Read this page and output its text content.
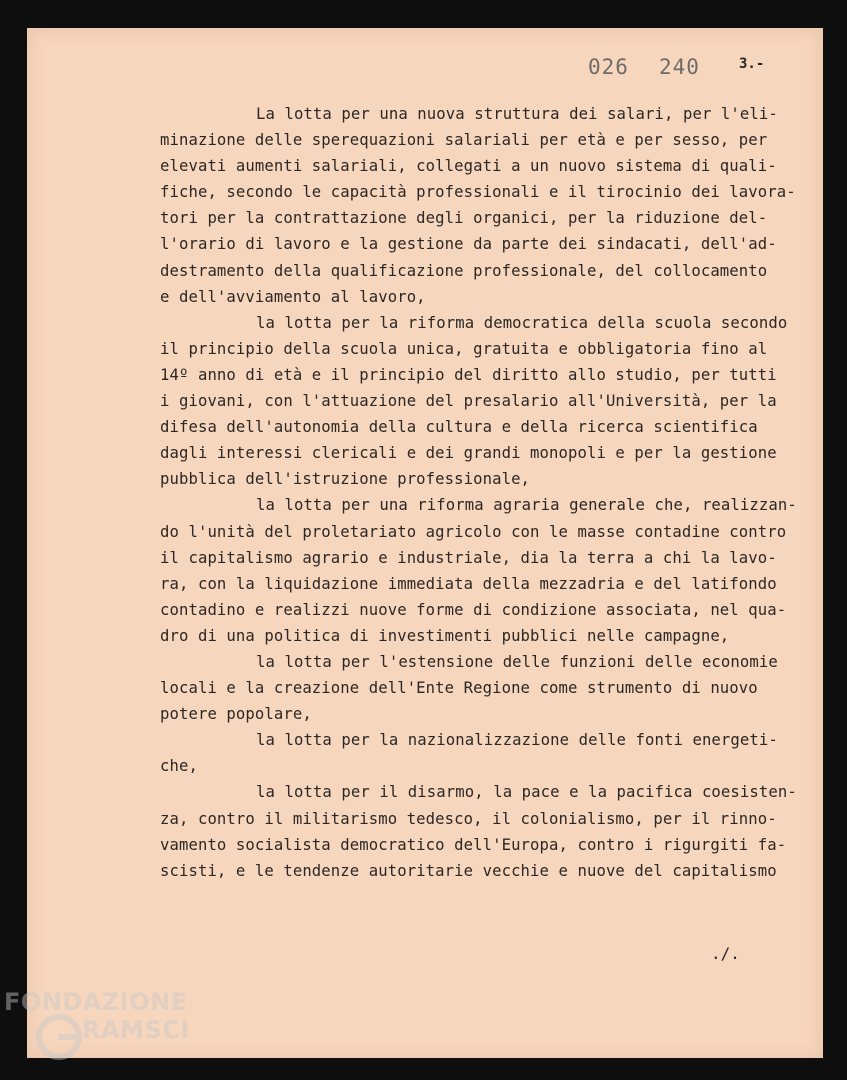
026 240	3.-
La lotta per una nuova struttura dei salari, per l'eli-
minazione delle sperequazioni salariali per età e per sesso, per
elevati aumenti salariali, collegati a un nuovo sistema di quali-
fiche, secondo le capacità professionali e il tirocinio dei lavora-
tori per la contrattazione degli organici, per la riduzione del-
l'orario di lavoro e la gestione da parte dei sindacati, dell'ad-
destramento della qualificazione professionale, del collocamento
e dell'avviamento al lavoro,
la lotta per la riforma democratica della scuola secondo
il principio della scuola unica, gratuita e obbligatoria fino al
14º anno di età e il principio del diritto allo studio, per tutti
i giovani, con l'attuazione del presalario all'Università, per la
difesa dell'autonomia della cultura e della ricerca scientifica
dagli interessi clericali e dei grandi monopoli e per la gestione
pubblica dell'istruzione professionale,
la lotta per una riforma agraria generale che, realizzan-
do l'unità del proletariato agricolo con le masse contadine contro
il capitalismo agrario e industriale, dia la terra a chi la lavo-
ra, con la liquidazione immediata della mezzadria e del latifondo
contadino e realizzi nuove forme di condizione associata, nel qua-
dro di una politica di investimenti pubblici nelle campagne,
la lotta per l'estensione delle funzioni delle economie
locali e la creazione dell'Ente Regione come strumento di nuovo
potere popolare,
la lotta per la nazionalizzazione delle fonti energeti-
che,
la lotta per il disarmo, la pace e la pacifica coesisten-
za, contro il militarismo tedesco, il colonialismo, per il rinno-
vamento socialista democratico dell'Europa, contro i rigurgiti fa-
scisti, e le tendenze autoritarie vecchie e nuove del capitalismo
./.
FONDAZIONE
RAMSCI
